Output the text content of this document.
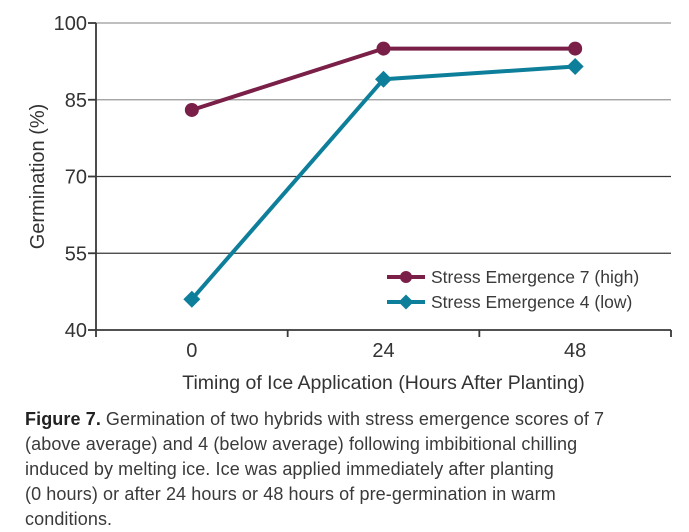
40
55
70
85
100
0	24	48
Timing of Ice Application (Hours After Planting)
Germination (%)
Stress Emergence 7 (high)
Stress Emergence 4 (low)

Figure 7. Germination of two hybrids with stress emergence scores of 7
(above average) and 4 (below average) following imbibitional chilling
induced by melting ice. Ice was applied immediately after planting
(0 hours) or after 24 hours or 48 hours of pre-germination in warm
conditions.
